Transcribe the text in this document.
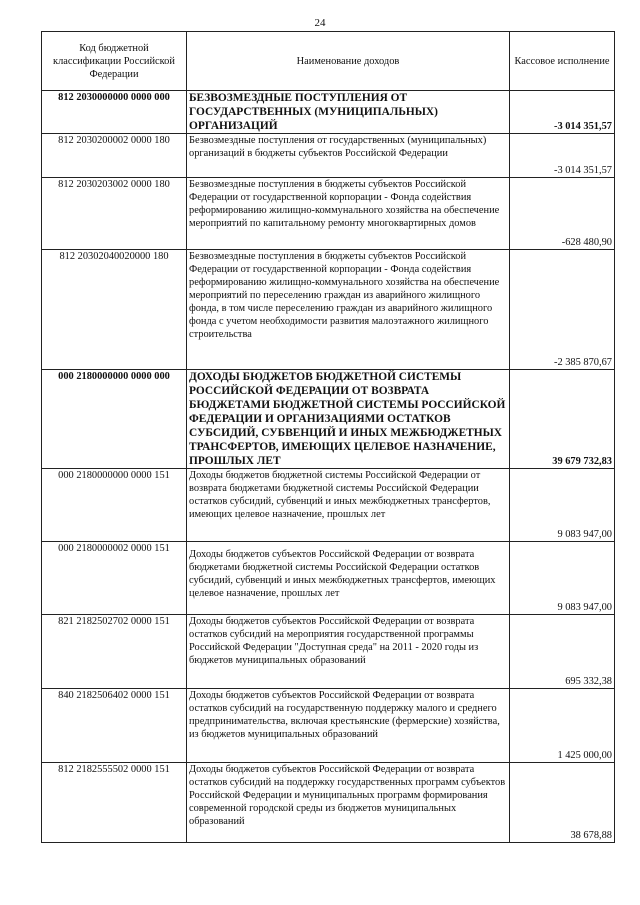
24
Код бюджетной классификации Российской Федерации	Наименование доходов	Кассовое исполнение
812 2030000000 0000 000	БЕЗВОЗМЕЗДНЫЕ ПОСТУПЛЕНИЯ ОТ ГОСУДАРСТВЕННЫХ (МУНИЦИПАЛЬНЫХ) ОРГАНИЗАЦИЙ	-3 014 351,57
812 2030200002 0000 180	Безвозмездные поступления от государственных (муниципальных) организаций в бюджеты субъектов Российской Федерации	-3 014 351,57
812 2030203002 0000 180	Безвозмездные поступления в бюджеты субъектов Российской Федерации от государственной корпорации - Фонда содействия реформированию жилищно-коммунального хозяйства на обеспечение мероприятий по капитальному ремонту многоквартирных домов	-628 480,90
812 20302040020000 180	Безвозмездные поступления в бюджеты субъектов Российской Федерации от государственной корпорации - Фонда содействия реформированию жилищно-коммунального хозяйства на обеспечение мероприятий по переселению граждан из аварийного жилищного фонда, в том числе переселению граждан из аварийного жилищного фонда с учетом необходимости развития малоэтажного жилищного строительства	-2 385 870,67
000 2180000000 0000 000	ДОХОДЫ БЮДЖЕТОВ БЮДЖЕТНОЙ СИСТЕМЫ РОССИЙСКОЙ ФЕДЕРАЦИИ ОТ ВОЗВРАТА БЮДЖЕТАМИ БЮДЖЕТНОЙ СИСТЕМЫ РОССИЙСКОЙ ФЕДЕРАЦИИ И ОРГАНИЗАЦИЯМИ ОСТАТКОВ СУБСИДИЙ, СУБВЕНЦИЙ И ИНЫХ МЕЖБЮДЖЕТНЫХ ТРАНСФЕРТОВ, ИМЕЮЩИХ ЦЕЛЕВОЕ НАЗНАЧЕНИЕ, ПРОШЛЫХ ЛЕТ	39 679 732,83
000 2180000000 0000 151	Доходы бюджетов бюджетной системы Российской Федерации от возврата бюджетами бюджетной системы Российской Федерации остатков субсидий, субвенций и иных межбюджетных трансфертов, имеющих целевое назначение, прошлых лет	9 083 947,00
000 2180000002 0000 151	Доходы бюджетов субъектов Российской Федерации от возврата бюджетами бюджетной системы Российской Федерации остатков субсидий, субвенций и иных межбюджетных трансфертов, имеющих целевое назначение, прошлых лет	9 083 947,00
821 2182502702 0000 151	Доходы бюджетов субъектов Российской Федерации от возврата остатков субсидий на мероприятия государственной программы Российской Федерации "Доступная среда" на 2011 - 2020 годы из бюджетов муниципальных образований	695 332,38
840 2182506402 0000 151	Доходы бюджетов субъектов Российской Федерации от возврата остатков субсидий на государственную поддержку малого и среднего предпринимательства, включая крестьянские (фермерские) хозяйства, из бюджетов муниципальных образований	1 425 000,00
812 2182555502 0000 151	Доходы бюджетов субъектов Российской Федерации от возврата остатков субсидий на поддержку государственных программ субъектов Российской Федерации и муниципальных программ формирования современной городской среды из бюджетов муниципальных образований	38 678,88
